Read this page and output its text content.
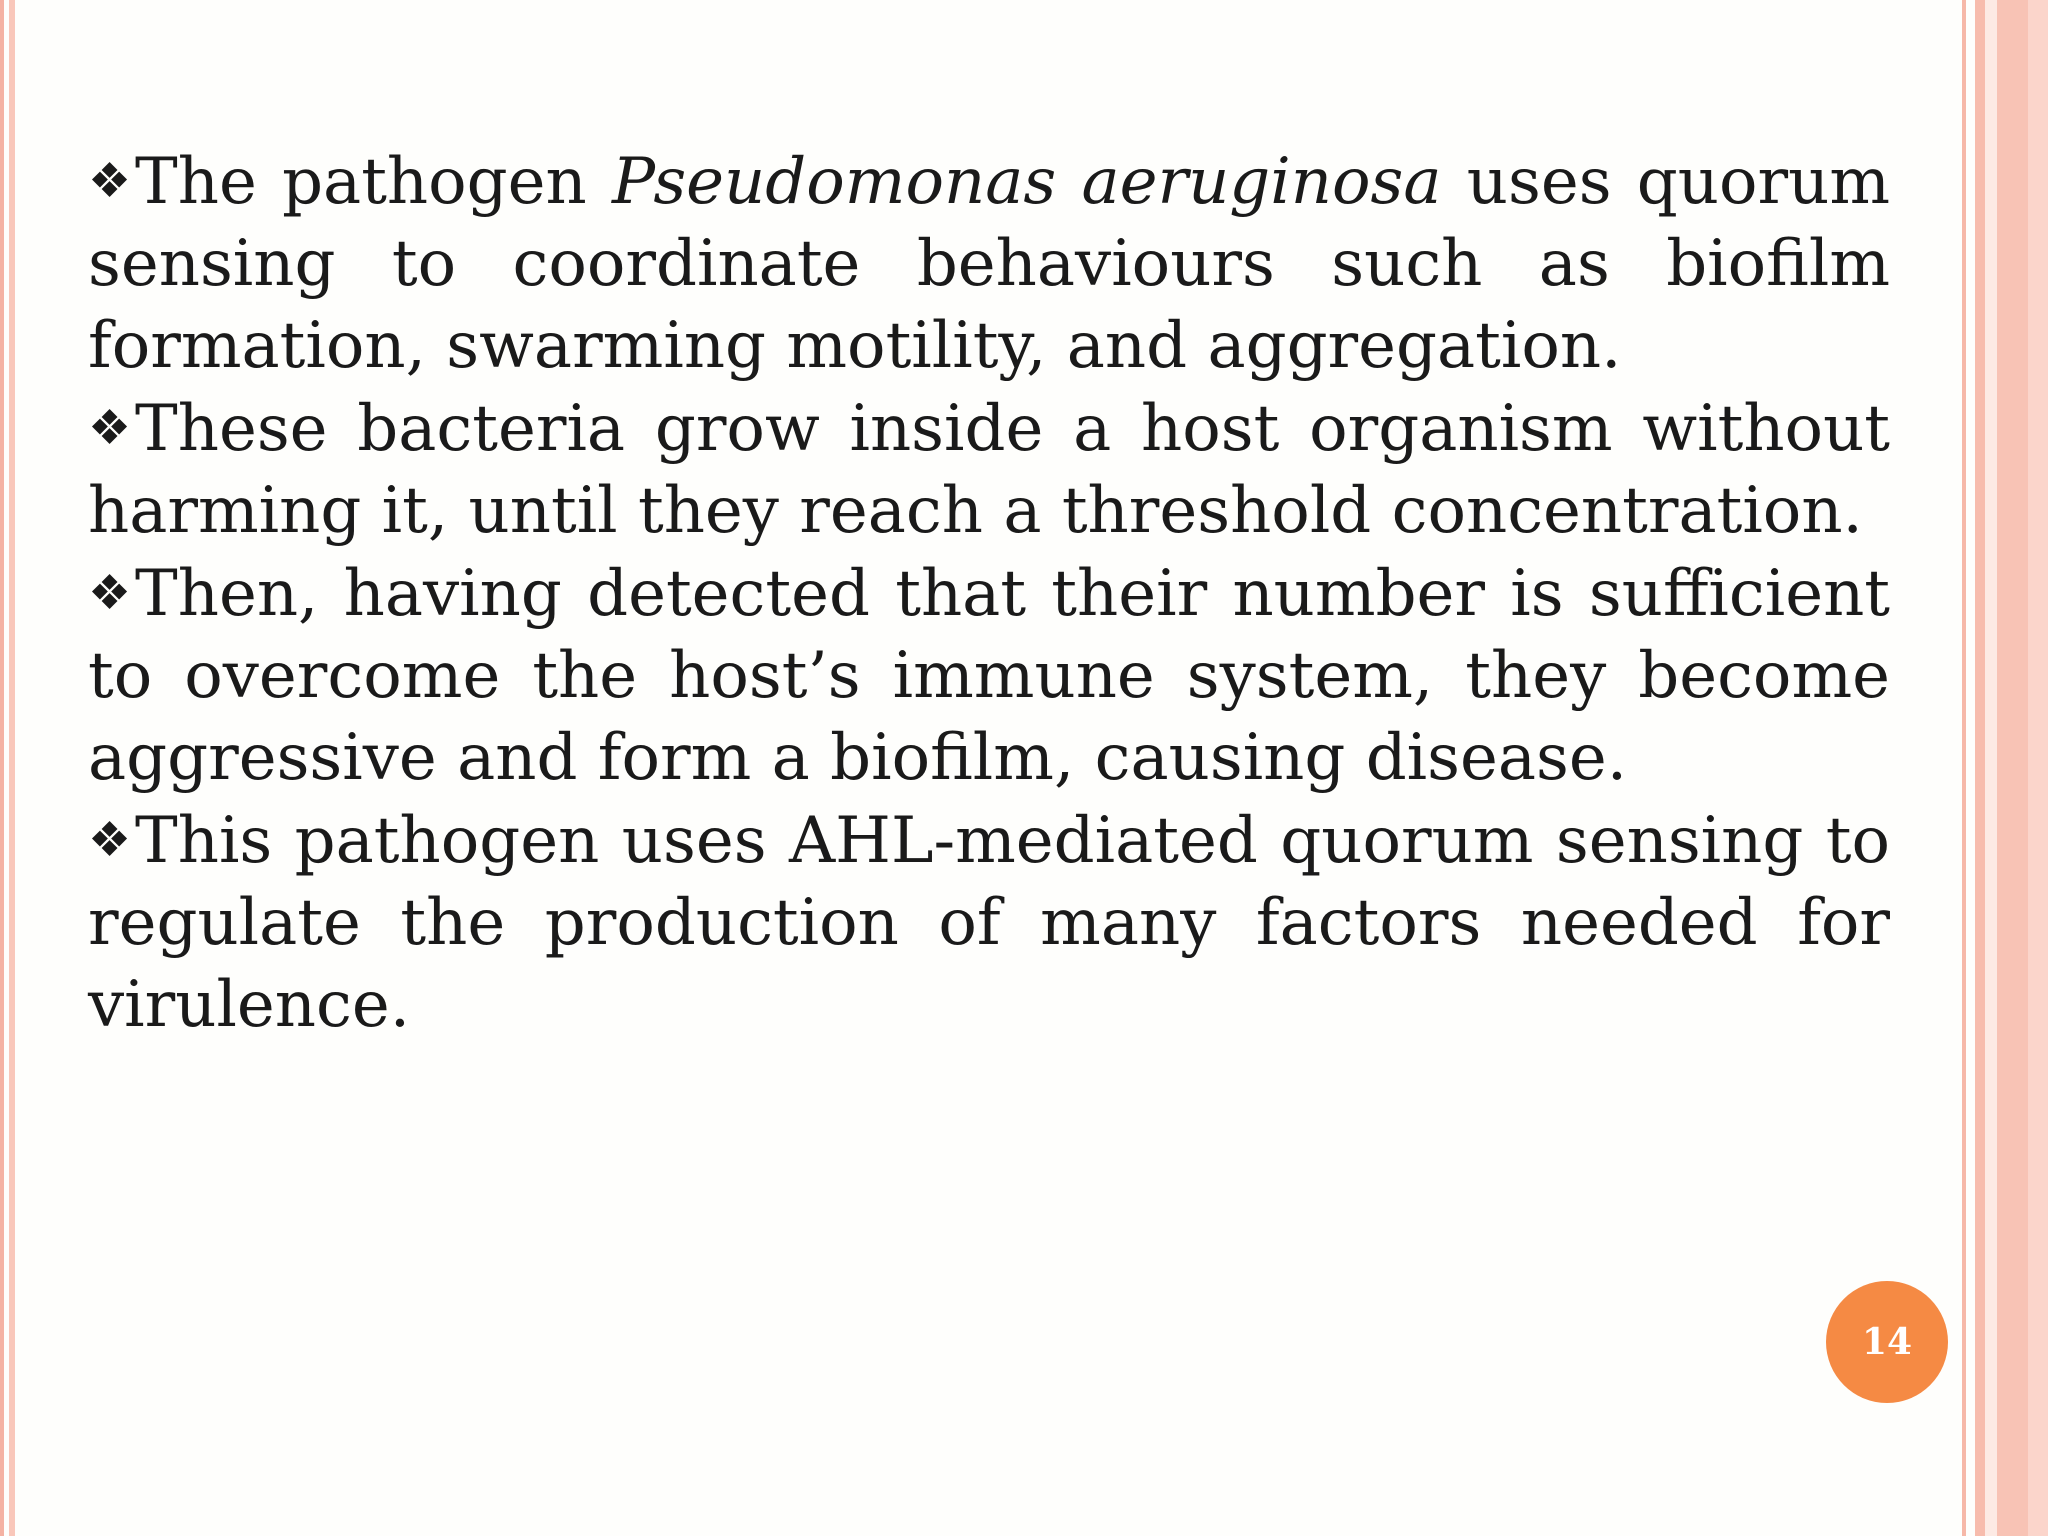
❖The pathogen Pseudomonas aeruginosa uses quorum sensing to coordinate behaviours such as biofilm formation, swarming motility, and aggregation.

❖These bacteria grow inside a host organism without harming it, until they reach a threshold concentration.

❖Then, having detected that their number is sufficient to overcome the host’s immune system, they become aggressive and form a biofilm, causing disease.

❖This pathogen uses AHL-mediated quorum sensing to regulate the production of many factors needed for virulence.

14
